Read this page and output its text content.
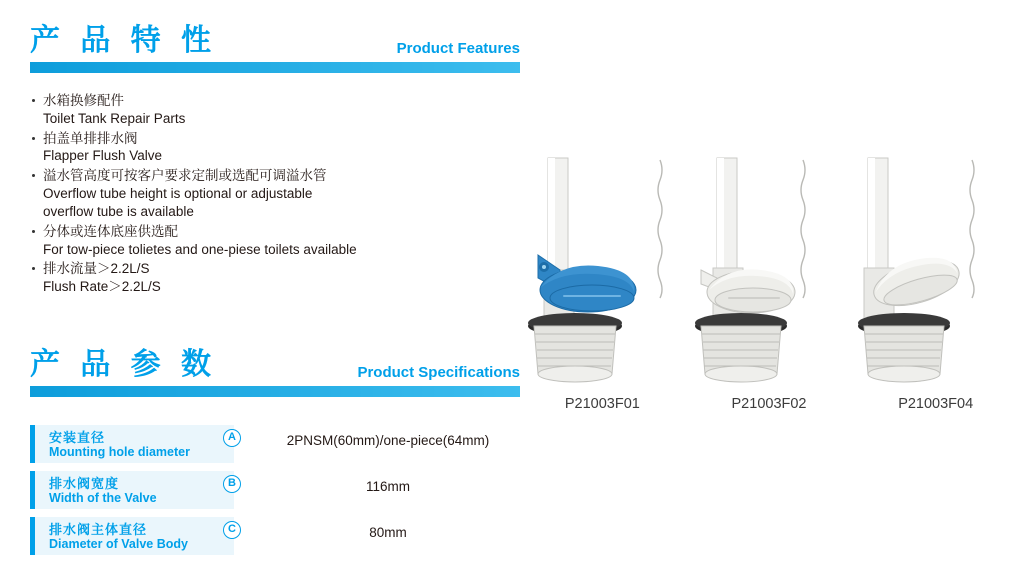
产 品 特 性	Product Features
水箱换修配件
Toilet Tank Repair Parts
拍盖单排排水阀
Flapper Flush Valve
溢水管高度可按客户要求定制或选配可调溢水管
Overflow tube height is optional or adjustable
overflow tube is available
分体或连体底座供选配
For tow-piece tolietes and one-piese toilets available
排水流量＞2.2L/S
Flush Rate＞2.2L/S
产 品 参 数	Product Specifications
安装直径
Mounting hole diameter
A	2PNSM(60mm)/one-piece(64mm)
排水阀宽度
Width of the Valve
B	116mm
排水阀主体直径
Diameter of Valve Body
C	80mm
P21003F01	P21003F02	P21003F04
